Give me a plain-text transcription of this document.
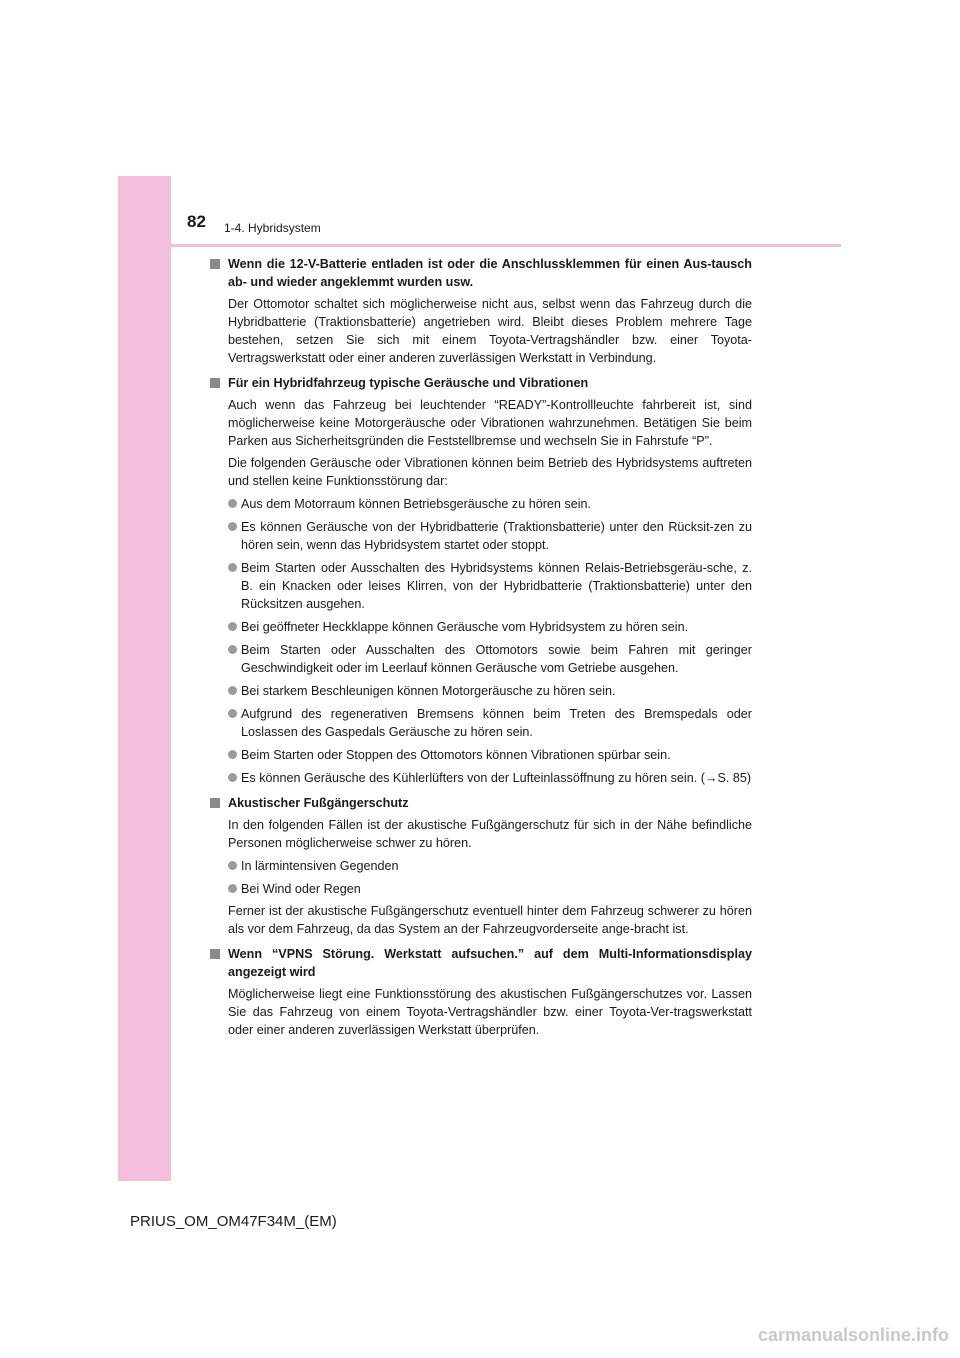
82 1-4. Hybridsystem
Wenn die 12-V-Batterie entladen ist oder die Anschlussklemmen für einen Aus-tausch ab- und wieder angeklemmt wurden usw.
Der Ottomotor schaltet sich möglicherweise nicht aus, selbst wenn das Fahrzeug durch die Hybridbatterie (Traktionsbatterie) angetrieben wird. Bleibt dieses Problem mehrere Tage bestehen, setzen Sie sich mit einem Toyota-Vertragshändler bzw. einer Toyota-Vertragswerkstatt oder einer anderen zuverlässigen Werkstatt in Verbindung.
Für ein Hybridfahrzeug typische Geräusche und Vibrationen
Auch wenn das Fahrzeug bei leuchtender “READY”-Kontrollleuchte fahrbereit ist, sind möglicherweise keine Motorgeräusche oder Vibrationen wahrzunehmen. Betätigen Sie beim Parken aus Sicherheitsgründen die Feststellbremse und wechseln Sie in Fahrstufe “P”.
Die folgenden Geräusche oder Vibrationen können beim Betrieb des Hybridsystems auftreten und stellen keine Funktionsstörung dar:
Aus dem Motorraum können Betriebsgeräusche zu hören sein.
Es können Geräusche von der Hybridbatterie (Traktionsbatterie) unter den Rücksit-zen zu hören sein, wenn das Hybridsystem startet oder stoppt.
Beim Starten oder Ausschalten des Hybridsystems können Relais-Betriebsgeräu-sche, z. B. ein Knacken oder leises Klirren, von der Hybridbatterie (Traktionsbatterie) unter den Rücksitzen ausgehen.
Bei geöffneter Heckklappe können Geräusche vom Hybridsystem zu hören sein.
Beim Starten oder Ausschalten des Ottomotors sowie beim Fahren mit geringer Geschwindigkeit oder im Leerlauf können Geräusche vom Getriebe ausgehen.
Bei starkem Beschleunigen können Motorgeräusche zu hören sein.
Aufgrund des regenerativen Bremsens können beim Treten des Bremspedals oder Loslassen des Gaspedals Geräusche zu hören sein.
Beim Starten oder Stoppen des Ottomotors können Vibrationen spürbar sein.
Es können Geräusche des Kühlerlüfters von der Lufteinlassöffnung zu hören sein. (→S. 85)
Akustischer Fußgängerschutz
In den folgenden Fällen ist der akustische Fußgängerschutz für sich in der Nähe befindliche Personen möglicherweise schwer zu hören.
In lärmintensiven Gegenden
Bei Wind oder Regen
Ferner ist der akustische Fußgängerschutz eventuell hinter dem Fahrzeug schwerer zu hören als vor dem Fahrzeug, da das System an der Fahrzeugvorderseite ange-bracht ist.
Wenn “VPNS Störung. Werkstatt aufsuchen.” auf dem Multi-Informationsdisplay angezeigt wird
Möglicherweise liegt eine Funktionsstörung des akustischen Fußgängerschutzes vor. Lassen Sie das Fahrzeug von einem Toyota-Vertragshändler bzw. einer Toyota-Ver-tragswerkstatt oder einer anderen zuverlässigen Werkstatt überprüfen.
PRIUS_OM_OM47F34M_(EM)
carmanualsonline.info
